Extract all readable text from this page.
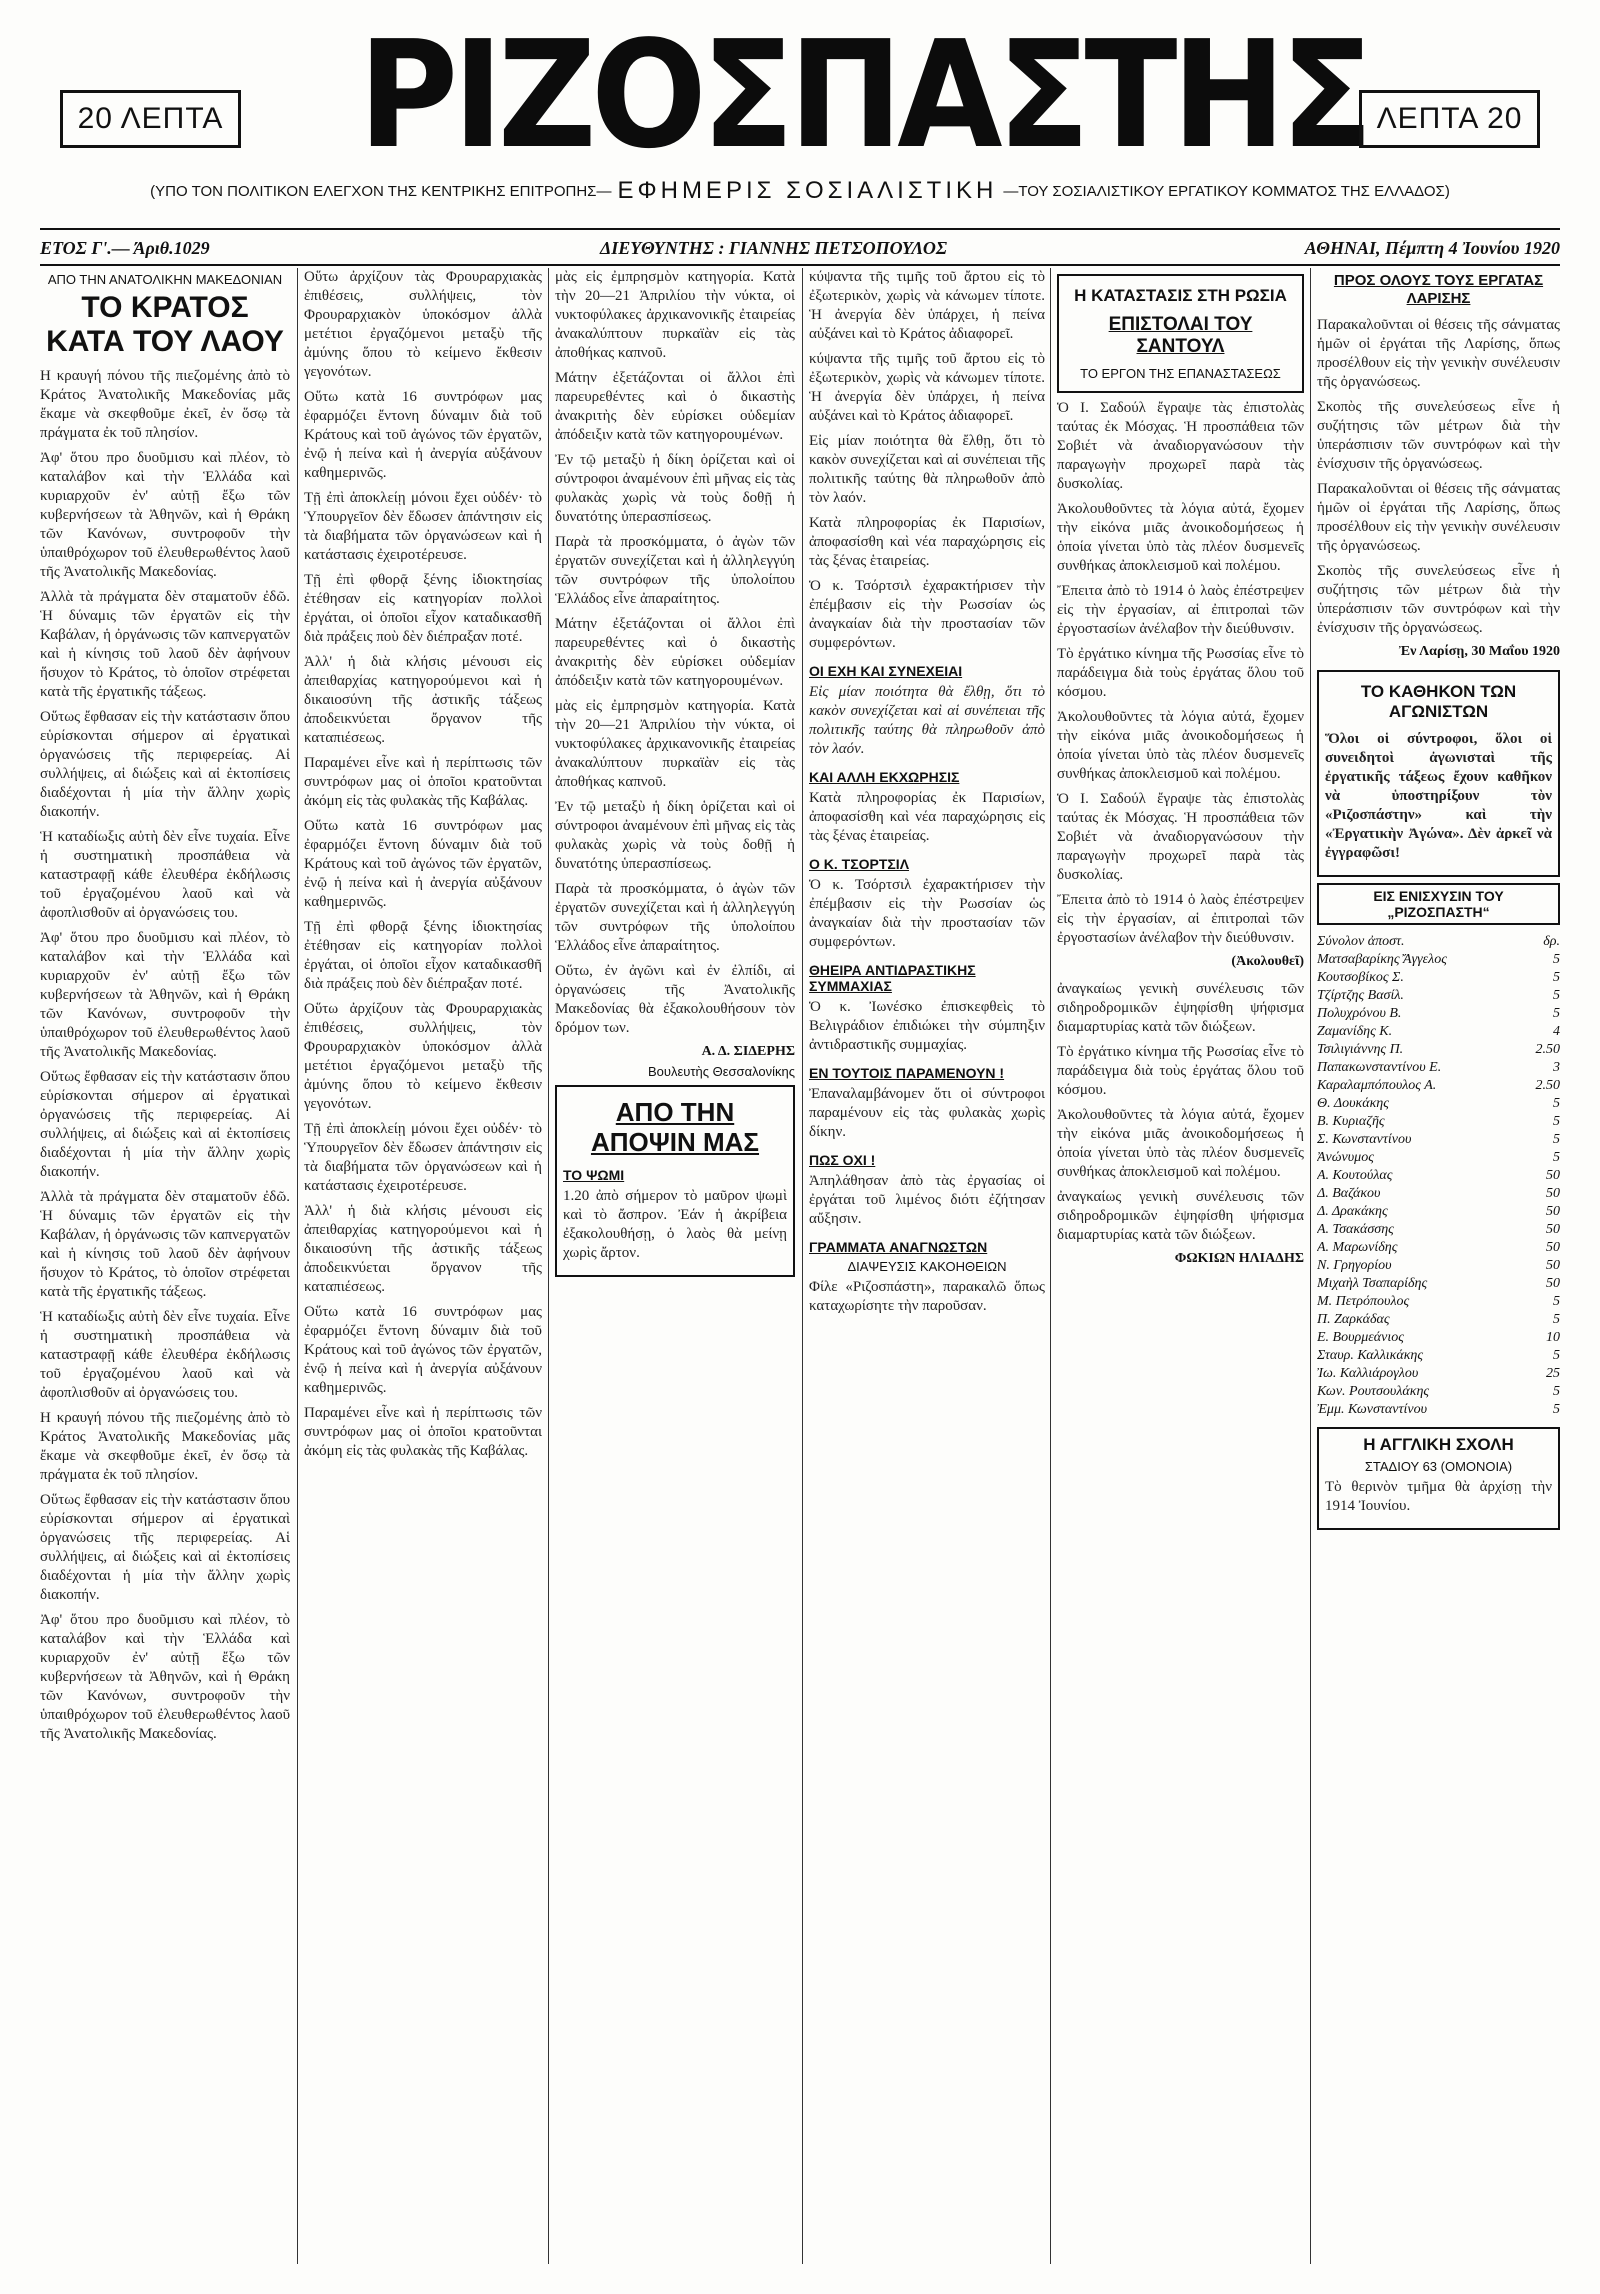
20 ΛΕΠΤΑ ΡΙΖΟΣΠΑΣΤΗΣ ΛΕΠΤΑ 20
(ΥΠΟ ΤΟΝ ΠΟΛΙΤΙΚΟΝ ΕΛΕΓΧΟΝ ΤΗΣ ΚΕΝΤΡΙΚΗΣ ΕΠΙΤΡΟΠΗΣ— ΕΦΗΜΕΡΙΣ ΣΟΣΙΑΛΙΣΤΙΚΗ —ΤΟΥ ΣΟΣΙΑΛΙΣΤΙΚΟΥ ΕΡΓΑΤΙΚΟΥ ΚΟΜΜΑΤΟΣ ΤΗΣ ΕΛΛΑΔΟΣ)
ΕΤΟΣ Γ'.— Άριθ.1029	ΔΙΕΥΘΥΝΤΗΣ : ΓΙΑΝΝΗΣ ΠΕΤΣΟΠΟΥΛΟΣ	ΑΘΗΝΑΙ, Πέμπτη 4 Ἰουνίου 1920
ΑΠΟ ΤΗΝ ΑΝΑΤΟΛΙΚΗΝ ΜΑΚΕΔΟΝΙΑΝ
ΤΟ ΚΡΑΤΟΣ ΚΑΤΑ ΤΟΥ ΛΑΟΥ

Η κραυγή πόνου τῆς πιεζομένης ἀπὸ τὸ Κράτος Ἀνατολικῆς Μακεδονίας μᾶς ἔκαμε νὰ σκεφθοῦμε ἐκεῖ, ἐν ὅσῳ τὰ πράγματα ἐκ τοῦ πλησίον.

Ἀφ' ὅτου προ δυοῦμισυ καὶ πλέον, τὸ καταλάβον καὶ τὴν Ἑλλάδα καὶ κυριαρχοῦν ἐν' αὐτῇ ἔξω τῶν κυβερνήσεων τὰ Ἀθηνῶν, καὶ ἡ Θράκη τῶν Κανόνων, συντροφοῦν τὴν ὑπαιθρόχωρον τοῦ ἐλευθερωθέντος λαοῦ τῆς Ἀνατολικῆς Μακεδονίας.

Ἀλλὰ τὰ πράγματα δὲν σταματοῦν ἐδῶ. Ἡ δύναμις τῶν ἐργατῶν εἰς τὴν Καβάλαν, ἡ ὀργάνωσις τῶν καπνεργατῶν καὶ ἡ κίνησις τοῦ λαοῦ δὲν ἀφήνουν ἥσυχον τὸ Κράτος, τὸ ὁποῖον στρέφεται κατὰ τῆς ἐργατικῆς τάξεως.

Οὕτως ἔφθασαν εἰς τὴν κατάστασιν ὅπου εὑρίσκονται σήμερον αἱ ἐργατικαὶ ὀργανώσεις τῆς περιφερείας. Αἱ συλλήψεις, αἱ διώξεις καὶ αἱ ἐκτοπίσεις διαδέχονται ἡ μία τὴν ἄλλην χωρὶς διακοπήν.

Ἡ καταδίωξις αὐτὴ δὲν εἶνε τυχαία. Εἶνε ἡ συστηματικὴ προσπάθεια νὰ καταστραφῇ κάθε ἐλευθέρα ἐκδήλωσις τοῦ ἐργαζομένου λαοῦ καὶ νὰ ἀφοπλισθοῦν αἱ ὀργανώσεις του.

Ἀφ' ὅτου προ δυοῦμισυ καὶ πλέον, τὸ καταλάβον καὶ τὴν Ἑλλάδα καὶ κυριαρχοῦν ἐν' αὐτῇ ἔξω τῶν κυβερνήσεων τὰ Ἀθηνῶν, καὶ ἡ Θράκη τῶν Κανόνων, συντροφοῦν τὴν ὑπαιθρόχωρον τοῦ ἐλευθερωθέντος λαοῦ τῆς Ἀνατολικῆς Μακεδονίας.

Οὕτως ἔφθασαν εἰς τὴν κατάστασιν ὅπου εὑρίσκονται σήμερον αἱ ἐργατικαὶ ὀργανώσεις τῆς περιφερείας. Αἱ συλλήψεις, αἱ διώξεις καὶ αἱ ἐκτοπίσεις διαδέχονται ἡ μία τὴν ἄλλην χωρὶς διακοπήν.

Ἀλλὰ τὰ πράγματα δὲν σταματοῦν ἐδῶ. Ἡ δύναμις τῶν ἐργατῶν εἰς τὴν Καβάλαν, ἡ ὀργάνωσις τῶν καπνεργατῶν καὶ ἡ κίνησις τοῦ λαοῦ δὲν ἀφήνουν ἥσυχον τὸ Κράτος, τὸ ὁποῖον στρέφεται κατὰ τῆς ἐργατικῆς τάξεως.

Ἡ καταδίωξις αὐτὴ δὲν εἶνε τυχαία. Εἶνε ἡ συστηματικὴ προσπάθεια νὰ καταστραφῇ κάθε ἐλευθέρα ἐκδήλωσις τοῦ ἐργαζομένου λαοῦ καὶ νὰ ἀφοπλισθοῦν αἱ ὀργανώσεις του.

Η κραυγή πόνου τῆς πιεζομένης ἀπὸ τὸ Κράτος Ἀνατολικῆς Μακεδονίας μᾶς ἔκαμε νὰ σκεφθοῦμε ἐκεῖ, ἐν ὅσῳ τὰ πράγματα ἐκ τοῦ πλησίον.

Οὕτως ἔφθασαν εἰς τὴν κατάστασιν ὅπου εὑρίσκονται σήμερον αἱ ἐργατικαὶ ὀργανώσεις τῆς περιφερείας. Αἱ συλλήψεις, αἱ διώξεις καὶ αἱ ἐκτοπίσεις διαδέχονται ἡ μία τὴν ἄλλην χωρὶς διακοπήν.

Ἀφ' ὅτου προ δυοῦμισυ καὶ πλέον, τὸ καταλάβον καὶ τὴν Ἑλλάδα καὶ κυριαρχοῦν ἐν' αὐτῇ ἔξω τῶν κυβερνήσεων τὰ Ἀθηνῶν, καὶ ἡ Θράκη τῶν Κανόνων, συντροφοῦν τὴν ὑπαιθρόχωρον τοῦ ἐλευθερωθέντος λαοῦ τῆς Ἀνατολικῆς Μακεδονίας.

Οὕτω ἀρχίζουν τὰς Φρουραρχιακὰς ἐπιθέσεις, συλλήψεις, τὸν Φρουραρχιακὸν ὑποκόσμον ἀλλὰ μετέτιοι ἐργαζόμενοι μεταξὺ τῆς ἀμύνης ὅπου τὸ κείμενο ἔκθεσιν γεγονότων.

Οὕτω κατὰ 16 συντρόφων μας ἐφαρμόζει ἔντονη δύναμιν διὰ τοῦ Κράτους καὶ τοῦ ἀγώνος τῶν ἐργατῶν, ἐνῷ ἡ πείνα καὶ ἡ ἀνεργία αὐξάνουν καθημερινῶς.

Τῇ ἐπὶ ἀποκλείῃ μόνοιι ἔχει οὐδέν· τὸ Ὑπουργεῖον δὲν ἔδωσεν ἀπάντησιν εἰς τὰ διαβήματα τῶν ὀργανώσεων καὶ ἡ κατάστασις ἐχειροτέρευσε.

Τῇ ἐπὶ φθορᾷ ξένης ἰδιοκτησίας ἐτέθησαν εἰς κατηγορίαν πολλοὶ ἐργάται, οἱ ὁποῖοι εἶχον καταδικασθῆ διὰ πράξεις ποὺ δὲν διέπραξαν ποτέ.

Ἀλλ' ἡ διὰ κλήσις μένουσι εἰς ἀπειθαρχίας κατηγορούμενοι καὶ ἡ δικαιοσύνη τῆς ἀστικῆς τάξεως ἀποδεικνύεται ὄργανον τῆς καταπιέσεως.

Παραμένει εἶνε καὶ ἡ περίπτωσις τῶν συντρόφων μας οἱ ὁποῖοι κρατοῦνται ἀκόμη εἰς τὰς φυλακὰς τῆς Καβάλας.

Οὕτω κατὰ 16 συντρόφων μας ἐφαρμόζει ἔντονη δύναμιν διὰ τοῦ Κράτους καὶ τοῦ ἀγώνος τῶν ἐργατῶν, ἐνῷ ἡ πείνα καὶ ἡ ἀνεργία αὐξάνουν καθημερινῶς.

Τῇ ἐπὶ φθορᾷ ξένης ἰδιοκτησίας ἐτέθησαν εἰς κατηγορίαν πολλοὶ ἐργάται, οἱ ὁποῖοι εἶχον καταδικασθῆ διὰ πράξεις ποὺ δὲν διέπραξαν ποτέ.

Οὕτω ἀρχίζουν τὰς Φρουραρχιακὰς ἐπιθέσεις, συλλήψεις, τὸν Φρουραρχιακὸν ὑποκόσμον ἀλλὰ μετέτιοι ἐργαζόμενοι μεταξὺ τῆς ἀμύνης ὅπου τὸ κείμενο ἔκθεσιν γεγονότων.

Τῇ ἐπὶ ἀποκλείῃ μόνοιι ἔχει οὐδέν· τὸ Ὑπουργεῖον δὲν ἔδωσεν ἀπάντησιν εἰς τὰ διαβήματα τῶν ὀργανώσεων καὶ ἡ κατάστασις ἐχειροτέρευσε.

Ἀλλ' ἡ διὰ κλήσις μένουσι εἰς ἀπειθαρχίας κατηγορούμενοι καὶ ἡ δικαιοσύνη τῆς ἀστικῆς τάξεως ἀποδεικνύεται ὄργανον τῆς καταπιέσεως.

Οὕτω κατὰ 16 συντρόφων μας ἐφαρμόζει ἔντονη δύναμιν διὰ τοῦ Κράτους καὶ τοῦ ἀγώνος τῶν ἐργατῶν, ἐνῷ ἡ πείνα καὶ ἡ ἀνεργία αὐξάνουν καθημερινῶς.

Παραμένει εἶνε καὶ ἡ περίπτωσις τῶν συντρόφων μας οἱ ὁποῖοι κρατοῦνται ἀκόμη εἰς τὰς φυλακὰς τῆς Καβάλας.

μὰς εἰς ἐμπρησμὸν κατηγορία. Κατὰ τὴν 20—21 Ἀπριλίου τὴν νύκτα, οἱ νυκτοφύλακες ἀρχικανονικῆς ἐταιρείας ἀνακαλύπτουν πυρκαϊὰν εἰς τὰς ἀποθήκας καπνοῦ.

Μάτην ἐξετάζονται οἱ ἄλλοι ἐπὶ παρευρεθέντες καὶ ὁ δικαστὴς ἀνακριτὴς δὲν εὑρίσκει οὐδεμίαν ἀπόδειξιν κατὰ τῶν κατηγορουμένων.

Ἐν τῷ μεταξὺ ἡ δίκη ὁρίζεται καὶ οἱ σύντροφοι ἀναμένουν ἐπὶ μῆνας εἰς τὰς φυλακὰς χωρὶς νὰ τοὺς δοθῇ ἡ δυνατότης ὑπερασπίσεως.

Παρὰ τὰ προσκόμματα, ὁ ἀγὼν τῶν ἐργατῶν συνεχίζεται καὶ ἡ ἀλληλεγγύη τῶν συντρόφων τῆς ὑπολοίπου Ἑλλάδος εἶνε ἀπαραίτητος.

Μάτην ἐξετάζονται οἱ ἄλλοι ἐπὶ παρευρεθέντες καὶ ὁ δικαστὴς ἀνακριτὴς δὲν εὑρίσκει οὐδεμίαν ἀπόδειξιν κατὰ τῶν κατηγορουμένων.

μὰς εἰς ἐμπρησμὸν κατηγορία. Κατὰ τὴν 20—21 Ἀπριλίου τὴν νύκτα, οἱ νυκτοφύλακες ἀρχικανονικῆς ἐταιρείας ἀνακαλύπτουν πυρκαϊὰν εἰς τὰς ἀποθήκας καπνοῦ.

Ἐν τῷ μεταξὺ ἡ δίκη ὁρίζεται καὶ οἱ σύντροφοι ἀναμένουν ἐπὶ μῆνας εἰς τὰς φυλακὰς χωρὶς νὰ τοὺς δοθῇ ἡ δυνατότης ὑπερασπίσεως.

Παρὰ τὰ προσκόμματα, ὁ ἀγὼν τῶν ἐργατῶν συνεχίζεται καὶ ἡ ἀλληλεγγύη τῶν συντρόφων τῆς ὑπολοίπου Ἑλλάδος εἶνε ἀπαραίτητος.

Οὕτω, ἐν ἀγῶνι καὶ ἐν ἐλπίδι, αἱ ὀργανώσεις τῆς Ἀνατολικῆς Μακεδονίας θὰ ἐξακολουθήσουν τὸν δρόμον των.

Α. Δ. ΣΙΔΕΡΗΣ
Βουλευτὴς Θεσσαλονίκης
ΑΠΟ ΤΗΝ ΑΠΟΨΙΝ ΜΑΣ
ΤΟ ΨΩΜΙ

1.20 ἀπὸ σήμερον τὸ μαῦρον ψωμὶ καὶ τὸ ἄσπρον. Ἐάν ἡ ἀκρίβεια ἐξακολουθήσῃ, ὁ λαὸς θὰ μείνῃ χωρὶς ἄρτον.

κύψαντα τῆς τιμῆς τοῦ ἄρτου εἰς τὸ ἐξωτερικὸν, χωρὶς νὰ κάνωμεν τίποτε. Ἡ ἀνεργία δὲν ὑπάρχει, ἡ πείνα αὐξάνει καὶ τὸ Κράτος ἀδιαφορεῖ.

κύψαντα τῆς τιμῆς τοῦ ἄρτου εἰς τὸ ἐξωτερικὸν, χωρὶς νὰ κάνωμεν τίποτε. Ἡ ἀνεργία δὲν ὑπάρχει, ἡ πείνα αὐξάνει καὶ τὸ Κράτος ἀδιαφορεῖ.

Εἰς μίαν ποιότητα θὰ ἔλθῃ, ὅτι τὸ κακὸν συνεχίζεται καὶ αἱ συνέπειαι τῆς πολιτικῆς ταύτης θὰ πληρωθοῦν ἀπὸ τὸν λαόν.

Κατὰ πληροφορίας ἐκ Παρισίων, ἀποφασίσθη καὶ νέα παραχώρησις εἰς τὰς ξένας ἑταιρείας.

Ὁ κ. Τσόρτσιλ ἐχαρακτήρισεν τὴν ἐπέμβασιν εἰς τὴν Ρωσσίαν ὡς ἀναγκαίαν διὰ τὴν προστασίαν τῶν συμφερόντων.

ΟΙ ΕΧΗ ΚΑΙ ΣΥΝΕΧΕΙΑΙ

Εἰς μίαν ποιότητα θὰ ἔλθῃ, ὅτι τὸ κακὸν συνεχίζεται καὶ αἱ συνέπειαι τῆς πολιτικῆς ταύτης θὰ πληρωθοῦν ἀπὸ τὸν λαόν.

ΚΑΙ ΑΛΛΗ ΕΚΧΩΡΗΣΙΣ

Κατὰ πληροφορίας ἐκ Παρισίων, ἀποφασίσθη καὶ νέα παραχώρησις εἰς τὰς ξένας ἑταιρείας.

Ο Κ. ΤΣΟΡΤΣΙΛ

Ὁ κ. Τσόρτσιλ ἐχαρακτήρισεν τὴν ἐπέμβασιν εἰς τὴν Ρωσσίαν ὡς ἀναγκαίαν διὰ τὴν προστασίαν τῶν συμφερόντων.

ΘΗΕΙΡΑ ΑΝΤΙΔΡΑΣΤΙΚΗΣ ΣΥΜΜΑΧΙΑΣ

Ὁ κ. Ἰωνέσκο ἐπισκεφθεὶς τὸ Βελιγράδιον ἐπιδιώκει τὴν σύμπηξιν ἀντιδραστικῆς συμμαχίας.

ΕΝ ΤΟΥΤΟΙΣ ΠΑΡΑΜΕΝΟΥΝ !

Ἐπαναλαμβάνομεν ὅτι οἱ σύντροφοι παραμένουν εἰς τὰς φυλακὰς χωρὶς δίκην.

ΠΩΣ ΟΧΙ !

Ἀπηλάθησαν ἀπὸ τὰς ἐργασίας οἱ ἐργάται τοῦ λιμένος διότι ἐζήτησαν αὔξησιν.

ΓΡΑΜΜΑΤΑ ΑΝΑΓΝΩΣΤΩΝ
ΔΙΑΨΕΥΣΙΣ ΚΑΚΟΗΘΕΙΩΝ

Φίλε «Ριζοσπάστη», παρακαλῶ ὅπως καταχωρίσητε τὴν παροῦσαν.

Η ΚΑΤΑΣΤΑΣΙΣ ΣΤΗ ΡΩΣΙΑ
ΕΠΙΣΤΟΛΑΙ ΤΟΥ ΣΑΝΤΟΥΛ
ΤΟ ΕΡΓΟΝ ΤΗΣ ΕΠΑΝΑΣΤΑΣΕΩΣ

Ὁ Ι. Σαδούλ ἔγραψε τὰς ἐπιστολὰς ταύτας ἐκ Μόσχας. Ἡ προσπάθεια τῶν Σοβιέτ νὰ ἀναδιοργανώσουν τὴν παραγωγὴν προχωρεῖ παρὰ τὰς δυσκολίας.

Ἀκολουθοῦντες τὰ λόγια αὐτά, ἔχομεν τὴν εἰκόνα μιᾶς ἀνοικοδομήσεως ἡ ὁποία γίνεται ὑπὸ τὰς πλέον δυσμενεῖς συνθήκας ἀποκλεισμοῦ καὶ πολέμου.

Ἔπειτα ἀπὸ τὸ 1914 ὁ λαὸς ἐπέστρεψεν εἰς τὴν ἐργασίαν, αἱ ἐπιτροπαὶ τῶν ἐργοστασίων ἀνέλαβον τὴν διεύθυνσιν.

Τὸ ἐργάτικο κίνημα τῆς Ρωσσίας εἶνε τὸ παράδειγμα διὰ τοὺς ἐργάτας ὅλου τοῦ κόσμου.

Ἀκολουθοῦντες τὰ λόγια αὐτά, ἔχομεν τὴν εἰκόνα μιᾶς ἀνοικοδομήσεως ἡ ὁποία γίνεται ὑπὸ τὰς πλέον δυσμενεῖς συνθήκας ἀποκλεισμοῦ καὶ πολέμου.

Ὁ Ι. Σαδούλ ἔγραψε τὰς ἐπιστολὰς ταύτας ἐκ Μόσχας. Ἡ προσπάθεια τῶν Σοβιέτ νὰ ἀναδιοργανώσουν τὴν παραγωγὴν προχωρεῖ παρὰ τὰς δυσκολίας.

Ἔπειτα ἀπὸ τὸ 1914 ὁ λαὸς ἐπέστρεψεν εἰς τὴν ἐργασίαν, αἱ ἐπιτροπαὶ τῶν ἐργοστασίων ἀνέλαβον τὴν διεύθυνσιν.

(Ἀκολουθεῖ)

ἀναγκαίως γενικὴ συνέλευσις τῶν σιδηροδρομικῶν ἐψηφίσθη ψήφισμα διαμαρτυρίας κατὰ τῶν διώξεων.

Τὸ ἐργάτικο κίνημα τῆς Ρωσσίας εἶνε τὸ παράδειγμα διὰ τοὺς ἐργάτας ὅλου τοῦ κόσμου.

Ἀκολουθοῦντες τὰ λόγια αὐτά, ἔχομεν τὴν εἰκόνα μιᾶς ἀνοικοδομήσεως ἡ ὁποία γίνεται ὑπὸ τὰς πλέον δυσμενεῖς συνθήκας ἀποκλεισμοῦ καὶ πολέμου.

ἀναγκαίως γενικὴ συνέλευσις τῶν σιδηροδρομικῶν ἐψηφίσθη ψήφισμα διαμαρτυρίας κατὰ τῶν διώξεων.

ΦΩΚΙΩΝ ΗΛΙΑΔΗΣ
ΠΡΟΣ ΟΛΟΥΣ ΤΟΥΣ ΕΡΓΑΤΑΣ ΛΑΡΙΣΗΣ

Παρακαλοῦνται οἱ θέσεις τῆς σάνματας ἡμῶν οἱ ἐργάται τῆς Λαρίσης, ὅπως προσέλθουν εἰς τὴν γενικὴν συνέλευσιν τῆς ὀργανώσεως.

Σκοπὸς τῆς συνελεύσεως εἶνε ἡ συζήτησις τῶν μέτρων διὰ τὴν ὑπεράσπισιν τῶν συντρόφων καὶ τὴν ἐνίσχυσιν τῆς ὀργανώσεως.

Παρακαλοῦνται οἱ θέσεις τῆς σάνματας ἡμῶν οἱ ἐργάται τῆς Λαρίσης, ὅπως προσέλθουν εἰς τὴν γενικὴν συνέλευσιν τῆς ὀργανώσεως.

Σκοπὸς τῆς συνελεύσεως εἶνε ἡ συζήτησις τῶν μέτρων διὰ τὴν ὑπεράσπισιν τῶν συντρόφων καὶ τὴν ἐνίσχυσιν τῆς ὀργανώσεως.

Ἐν Λαρίσῃ, 30 Μαΐου 1920
ΤΟ ΚΑΘΗΚΟΝ ΤΩΝ ΑΓΩΝΙΣΤΩΝ

Ὅλοι οἱ σύντροφοι, ὅλοι οἱ συνειδητοὶ ἀγωνισταὶ τῆς ἐργατικῆς τάξεως ἔχουν καθῆκον νὰ ὑποστηρίξουν τὸν «Ριζοσπάστην» καὶ τὴν «Ἐργατικὴν Ἀγώνα». Δὲν ἀρκεῖ νὰ ἐγγραφῶσι!

ΕΙΣ ΕΝΙΣΧΥΣΙΝ ΤΟΥ „ΡΙΖΟΣΠΑΣΤΗ“
Σύνολον ἀποστ.	δρ.
Ματσαβαρίκης Ἄγγελος	5
Κουτσοβίκος Σ.	5
Τζίρτζης Βασίλ.	5
Πολυχρόνου Β.	5
Ζαμανίδης Κ.	4
Τσιλιγιάννης Π.	2.50
Παπακωνσταντίνου Ε.	3
Καραλαμπόπουλος Α.	2.50
Θ. Δουκάκης	5
Β. Κυριαζῆς	5
Σ. Κωνσταντίνου	5
Ἀνώνυμος	5
Α. Κουτούλας	50
Δ. Βαζάκου	50
Δ. Δρακάκης	50
Α. Τσακάσσης	50
Α. Μαρωνίδης	50
Ν. Γρηγορίου	50
Μιχαὴλ Τσαπαρίδης	50
Μ. Πετρόπουλος	5
Π. Ζαρκάδας	5
Ε. Βουρμεάνιος	10
Σταυρ. Καλλικάκης	5
Ἰω. Καλλιάρογλου	25
Κων. Ρουτσουλάκης	5
Ἐμμ. Κωνσταντίνου	5
Η ΑΓΓΛΙΚΗ ΣΧΟΛΗ
ΣΤΑΔΙΟΥ 63 (ΟΜΟΝΟΙΑ)

Τὸ θερινὸν τμῆμα θὰ ἀρχίσῃ τὴν 1914 Ἰουνίου.
